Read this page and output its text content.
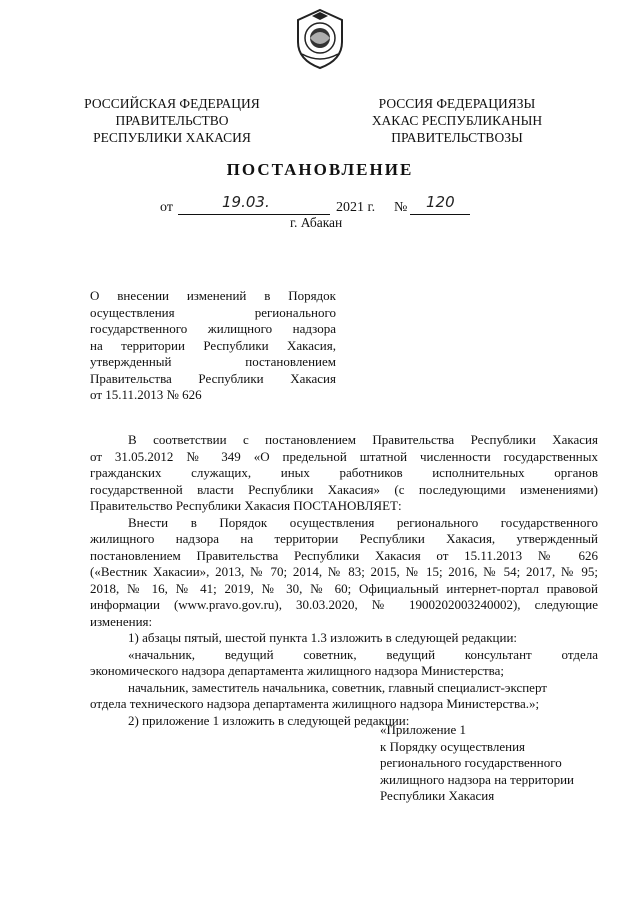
РОССИЙСКАЯ ФЕДЕРАЦИЯ
ПРАВИТЕЛЬСТВО
РЕСПУБЛИКИ ХАКАСИЯ
РОССИЯ ФЕДЕРАЦИЯЗЫ
ХАКАС РЕСПУБЛИКАНЫН
ПРАВИТЕЛЬСТВОЗЫ
ПОСТАНОВЛЕНИЕ
от	19.03.	2021 г. № 120
г. Абакан
О внесении изменений в Порядок
осуществления регионального
государственного жилищного надзора
на территории Республики Хакасия,
утвержденный постановлением
Правительства Республики Хакасия
от 15.11.2013 № 626
В соответствии с постановлением Правительства Республики Хакасия
от 31.05.2012 № 349 «О предельной штатной численности государственных
гражданских служащих, иных работников исполнительных органов
государственной власти Республики Хакасия» (с последующими изменениями)
Правительство Республики Хакасия ПОСТАНОВЛЯЕТ:
Внести в Порядок осуществления регионального государственного
жилищного надзора на территории Республики Хакасия, утвержденный
постановлением Правительства Республики Хакасия от 15.11.2013 № 626
(«Вестник Хакасии», 2013, № 70; 2014, № 83; 2015, № 15; 2016, № 54; 2017, № 95;
2018, № 16, № 41; 2019, № 30, № 60; Официальный интернет-портал правовой
информации (www.pravo.gov.ru), 30.03.2020, № 1900202003240002), следующие
изменения:
1) абзацы пятый, шестой пункта 1.3 изложить в следующей редакции:
«начальник, ведущий советник, ведущий консультант отдела
экономического надзора департамента жилищного надзора Министерства;
начальник, заместитель начальника, советник, главный специалист-эксперт
отдела технического надзора департамента жилищного надзора Министерства.»;
2) приложение 1 изложить в следующей редакции:
«Приложение 1
к Порядку осуществления
регионального государственного
жилищного надзора на территории
Республики Хакасия
